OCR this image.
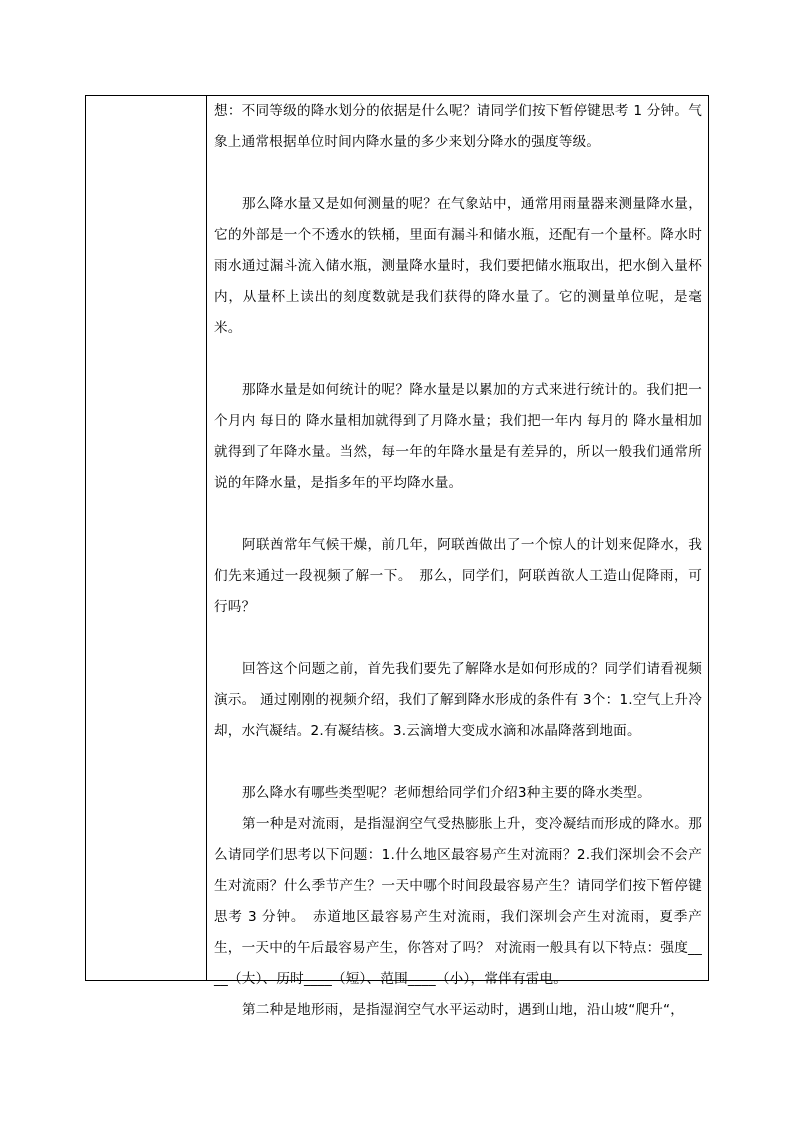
想：不同等级的降水划分的依据是什么呢？请同学们按下暂停键思考 1 分钟。气象上通常根据单位时间内降水量的多少来划分降水的强度等级。

那么降水量又是如何测量的呢？在气象站中，通常用雨量器来测量降水量，它的外部是一个不透水的铁桶，里面有漏斗和储水瓶，还配有一个量杯。降水时雨水通过漏斗流入储水瓶，测量降水量时，我们要把储水瓶取出，把水倒入量杯内，从量杯上读出的刻度数就是我们获得的降水量了。它的测量单位呢，是毫米。

那降水量是如何统计的呢？降水量是以累加的方式来进行统计的。我们把一个月内 每日的 降水量相加就得到了月降水量；我们把一年内 每月的 降水量相加就得到了年降水量。当然，每一年的年降水量是有差异的，所以一般我们通常所说的年降水量，是指多年的平均降水量。

阿联酋常年气候干燥，前几年，阿联酋做出了一个惊人的计划来促降水，我们先来通过一段视频了解一下。　那么，同学们，阿联酋欲人工造山促降雨，可行吗？

回答这个问题之前，首先我们要先了解降水是如何形成的？同学们请看视频演示。 通过刚刚的视频介绍，我们了解到降水形成的条件有 3个：1.空气上升冷却，水汽凝结。2.有凝结核。3.云滴增大变成水滴和冰晶降落到地面。

那么降水有哪些类型呢？老师想给同学们介绍3种主要的降水类型。

第一种是对流雨，是指湿润空气受热膨胀上升，变冷凝结而形成的降水。那么请同学们思考以下问题：1.什么地区最容易产生对流雨？2.我们深圳会不会产生对流雨？什么季节产生？一天中哪个时间段最容易产生？请同学们按下暂停键思考 3 分钟。　赤道地区最容易产生对流雨，我们深圳会产生对流雨，夏季产生，一天中的午后最容易产生，你答对了吗？ 对流雨一般具有以下特点：强度____（大）、历时____（短）、范围____（小），常伴有雷电。

第二种是地形雨，是指湿润空气水平运动时，遇到山地，沿山坡“爬升“，
